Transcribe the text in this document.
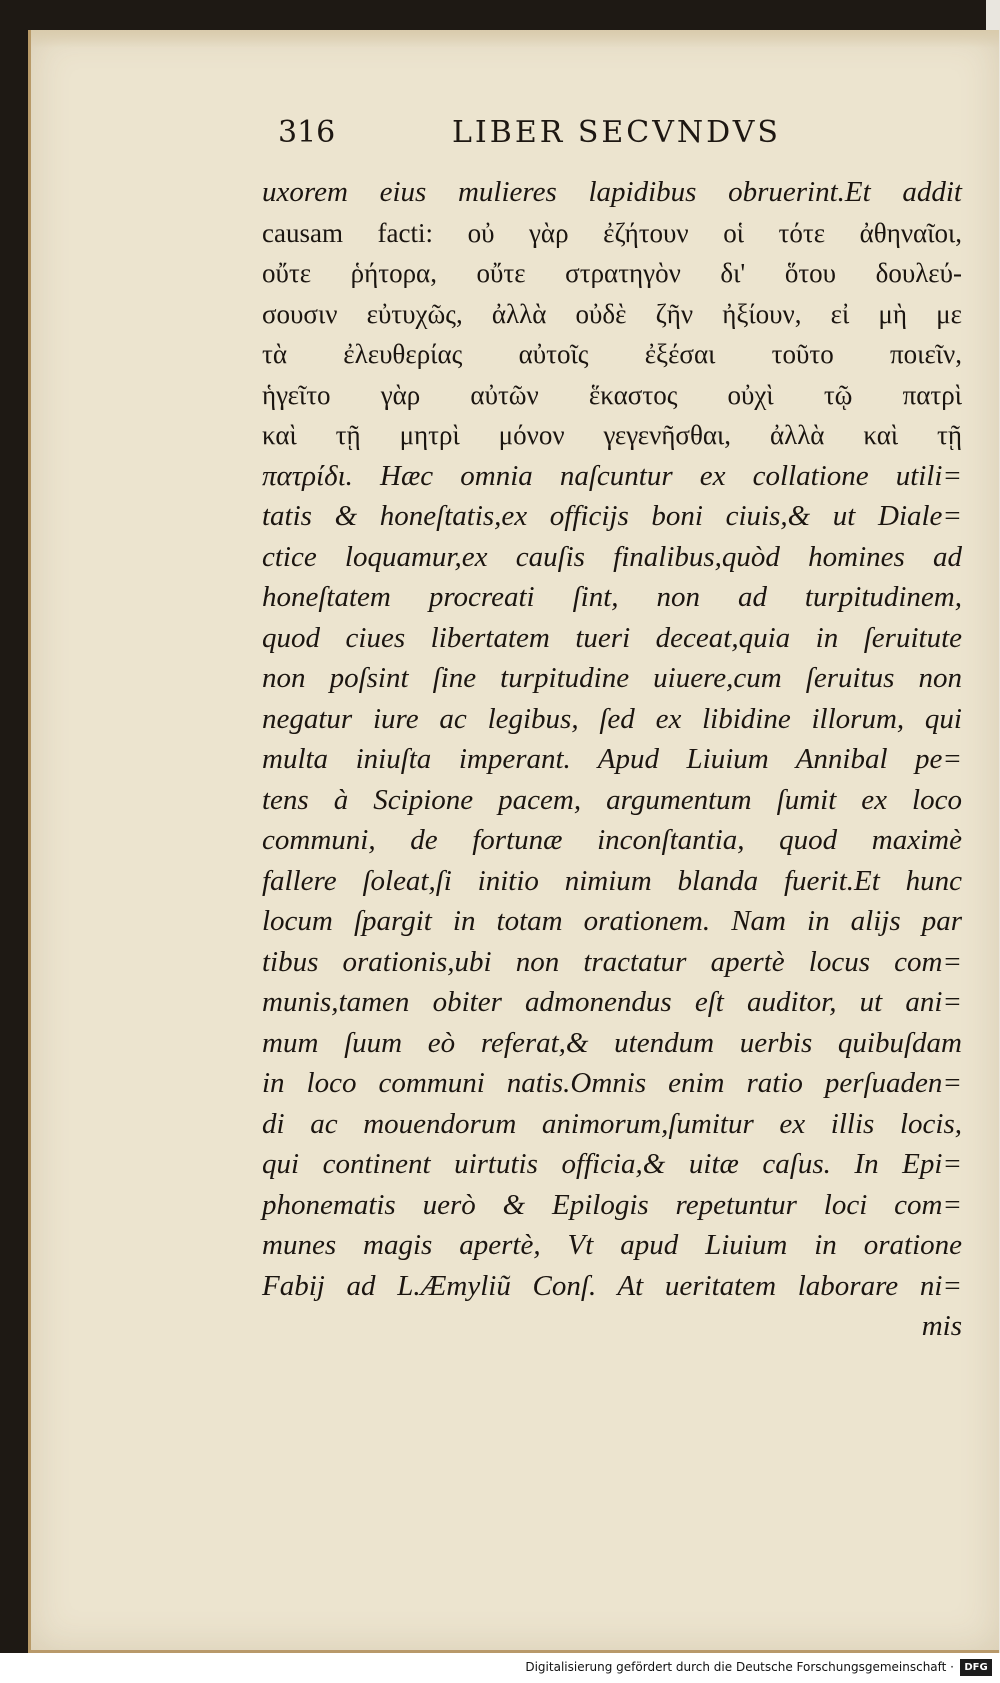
316	LIBER SECVNDVS
uxorem eius mulieres lapidibus obruerint.Et addit
causam facti: οὐ γὰρ ἐζήτουν οἱ τότε ἀθηναῖοι,
οὔτε ῥήτορα, οὔτε στρατηγὸν δι' ὅτου δουλεύ-
σουσιν εὐτυχῶς, ἀλλὰ οὐδὲ ζῆν ἠξίουν, εἰ μὴ με
τὰ ἐλευθερίας αὐτοῖς ἐξέσαι τοῦτο ποιεῖν,
ἡγεῖτο γὰρ αὐτῶν ἕκαστος οὐχὶ τῷ πατρὶ
καὶ τῇ μητρὶ μόνον γεγενῆσθαι, ἀλλὰ καὶ τῇ
πατρίδι. Hæc omnia naſcuntur ex collatione utili=
tatis & honeſtatis,ex officijs boni ciuis,& ut Diale=
ctice loquamur,ex cauſis finalibus,quòd homines ad
honeſtatem procreati ſint, non ad turpitudinem,
quod ciues libertatem tueri deceat,quia in ſeruitute
non poſsint ſine turpitudine uiuere,cum ſeruitus non
negatur iure ac legibus, ſed ex libidine illorum, qui
multa iniuſta imperant. Apud Liuium Annibal pe=
tens à Scipione pacem, argumentum ſumit ex loco
communi, de fortunæ inconſtantia, quod maximè
fallere ſoleat,ſi initio nimium blanda fuerit.Et hunc
locum ſpargit in totam orationem. Nam in alijs par
tibus orationis,ubi non tractatur apertè locus com=
munis,tamen obiter admonendus eſt auditor, ut ani=
mum ſuum eò referat,& utendum uerbis quibuſdam
in loco communi natis.Omnis enim ratio perſuaden=
di ac mouendorum animorum,ſumitur ex illis locis,
qui continent uirtutis officia,& uitæ caſus. In Epi=
phonematis uerò & Epilogis repetuntur loci com=
munes magis apertè, Vt apud Liuium in oratione
Fabij ad L.Æmyliũ Conſ. At ueritatem laborare ni=
mis
Digitalisierung gefördert durch die Deutsche Forschungsgemeinschaft ·	DFG
